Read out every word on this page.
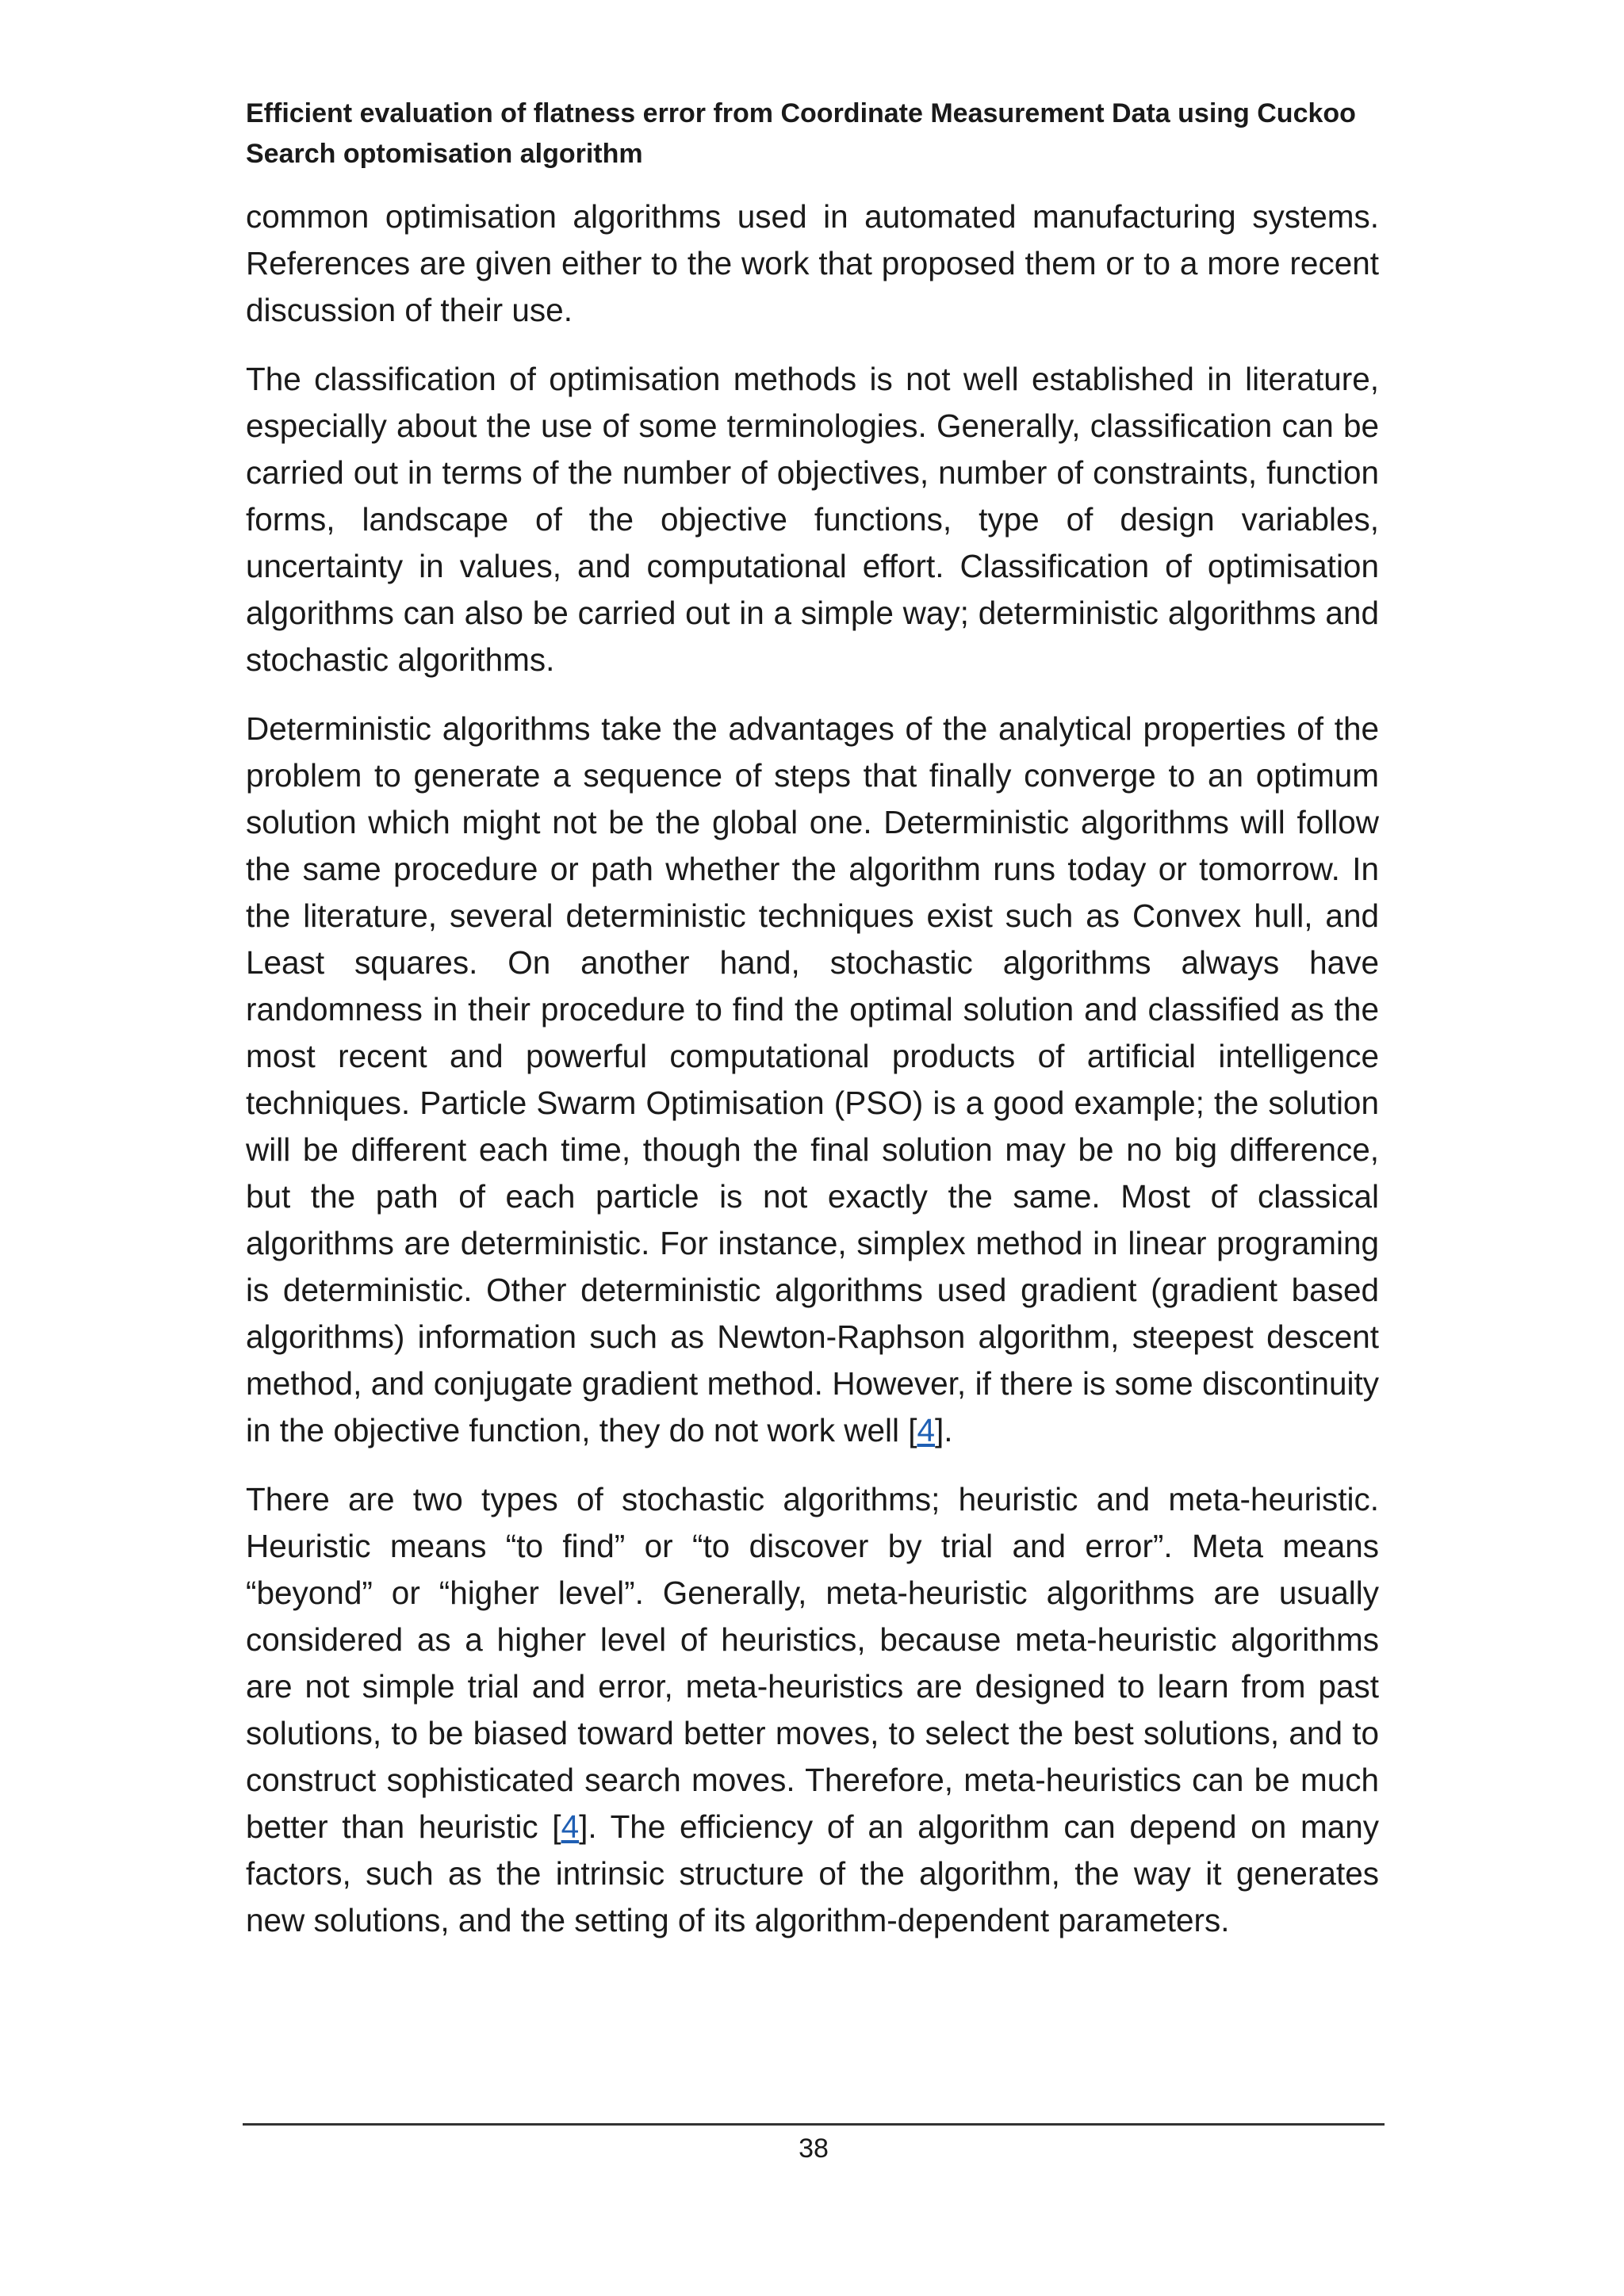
Efficient evaluation of flatness error from Coordinate Measurement Data using Cuckoo Search optomisation algorithm

common optimisation algorithms used in automated manufacturing systems. References are given either to the work that proposed them or to a more recent discussion of their use.

The classification of optimisation methods is not well established in literature, especially about the use of some terminologies. Generally, classification can be carried out in terms of the number of objectives, number of constraints, function forms, landscape of the objective functions, type of design variables, uncertainty in values, and computational effort. Classification of optimisation algorithms can also be carried out in a simple way; deterministic algorithms and stochastic algorithms.

Deterministic algorithms take the advantages of the analytical properties of the problem to generate a sequence of steps that finally converge to an optimum solution which might not be the global one. Deterministic algorithms will follow the same procedure or path whether the algorithm runs today or tomorrow. In the literature, several deterministic techniques exist such as Convex hull, and Least squares. On another hand, stochastic algorithms always have randomness in their procedure to find the optimal solution and classified as the most recent and powerful computational products of artificial intelligence techniques. Particle Swarm Optimisation (PSO) is a good example; the solution will be different each time, though the final solution may be no big difference, but the path of each particle is not exactly the same. Most of classical algorithms are deterministic. For instance, simplex method in linear programing is deterministic. Other deterministic algorithms used gradient (gradient based algorithms) information such as Newton-Raphson algorithm, steepest descent method, and conjugate gradient method. However, if there is some discontinuity in the objective function, they do not work well [4].

There are two types of stochastic algorithms; heuristic and meta-heuristic. Heuristic means “to find” or “to discover by trial and error”. Meta means “beyond” or “higher level”. Generally, meta-heuristic algorithms are usually considered as a higher level of heuristics, because meta-heuristic algorithms are not simple trial and error, meta-heuristics are designed to learn from past solutions, to be biased toward better moves, to select the best solutions, and to construct sophisticated search moves. Therefore, meta-heuristics can be much better than heuristic [4]. The efficiency of an algorithm can depend on many factors, such as the intrinsic structure of the algorithm, the way it generates new solutions, and the setting of its algorithm-dependent parameters.

38
